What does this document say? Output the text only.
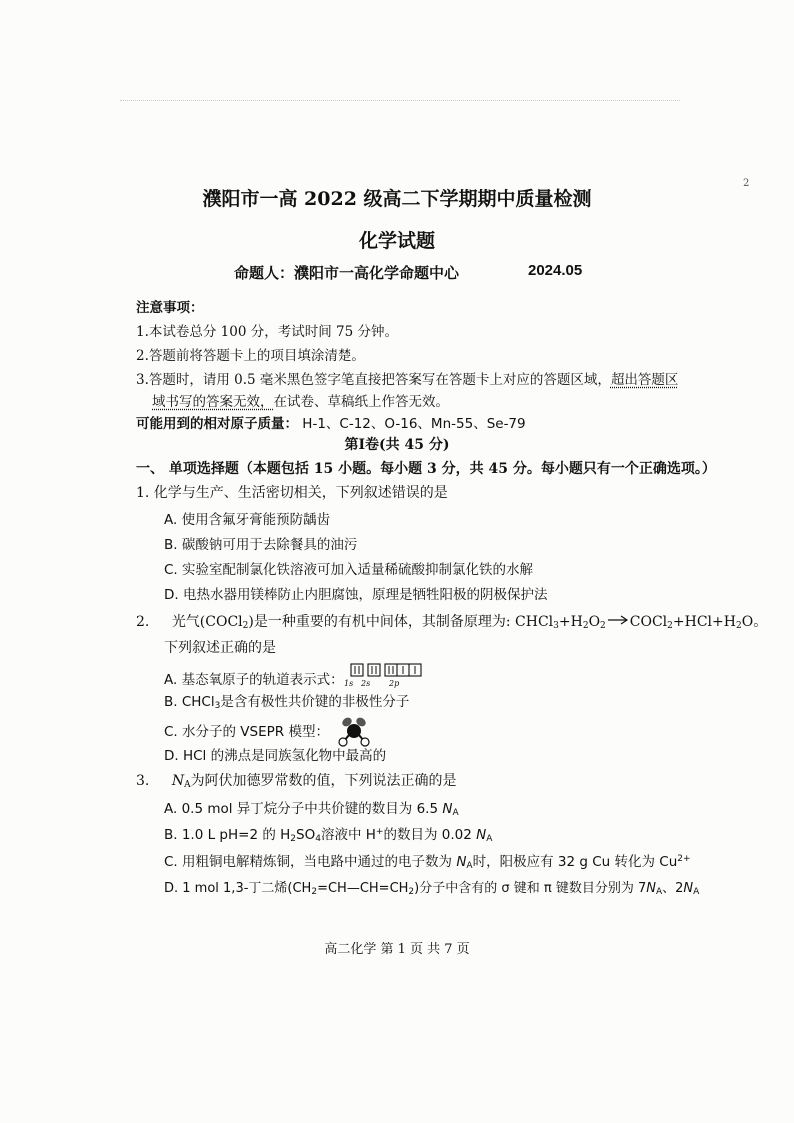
2
濮阳市一高 2022 级高二下学期期中质量检测
化学试题
命题人：濮阳市一高化学命题中心	2024.05
注意事项：
1.本试卷总分 100 分，考试时间 75 分钟。
2.答题前将答题卡上的项目填涂清楚。
3.答题时，请用 0.5 毫米黑色签字笔直接把答案写在答题卡上对应的答题区域，超出答题区
域书写的答案无效，在试卷、草稿纸上作答无效。
可能用到的相对原子质量： H-1、C-12、O-16、Mn-55、Se-79
第Ⅰ卷(共 45 分)
一、 单项选择题（本题包括 15 小题。每小题 3 分，共 45 分。每小题只有一个正确选项。）
1. 化学与生产、生活密切相关，下列叙述错误的是
A. 使用含氟牙膏能预防龋齿
B. 碳酸钠可用于去除餐具的油污
C. 实验室配制氯化铁溶液可加入适量稀硫酸抑制氯化铁的水解
D. 电热水器用镁棒防止内胆腐蚀，原理是牺牲阳极的阴极保护法
2. 光气(COCl$_2$)是一种重要的有机中间体，其制备原理为: $CHCl_3+H_2O_2$ $\to COCl_2+HCl+H_2O$。
下列叙述正确的是
A. 基态氧原子的轨道表示式： 1s 2s 2p
B. CHCl$_3$是含有极性共价键的非极性分子
C. 水分子的 VSEPR 模型：
D. HCl 的沸点是同族氢化物中最高的
3. $N_A$为阿伏加德罗常数的值，下列说法正确的是
A. 0.5 mol 异丁烷分子中共价键的数目为 6.5 $N_A$
B. 1.0 L pH=2 的 $H_2SO_4$溶液中 H+的数目为 0.02 $N_A$
C. 用粗铜电解精炼铜，当电路中通过的电子数为 $N_A$时，阳极应有 32 g Cu 转化为 $Cu^{2+}$
D. 1 mol 1,3-丁二烯$(CH_2=CH—CH=CH_2)$分子中含有的 σ 键和 π 键数目分别为 $7N_A$、$2N_A$
高二化学 第 1 页 共 7 页
